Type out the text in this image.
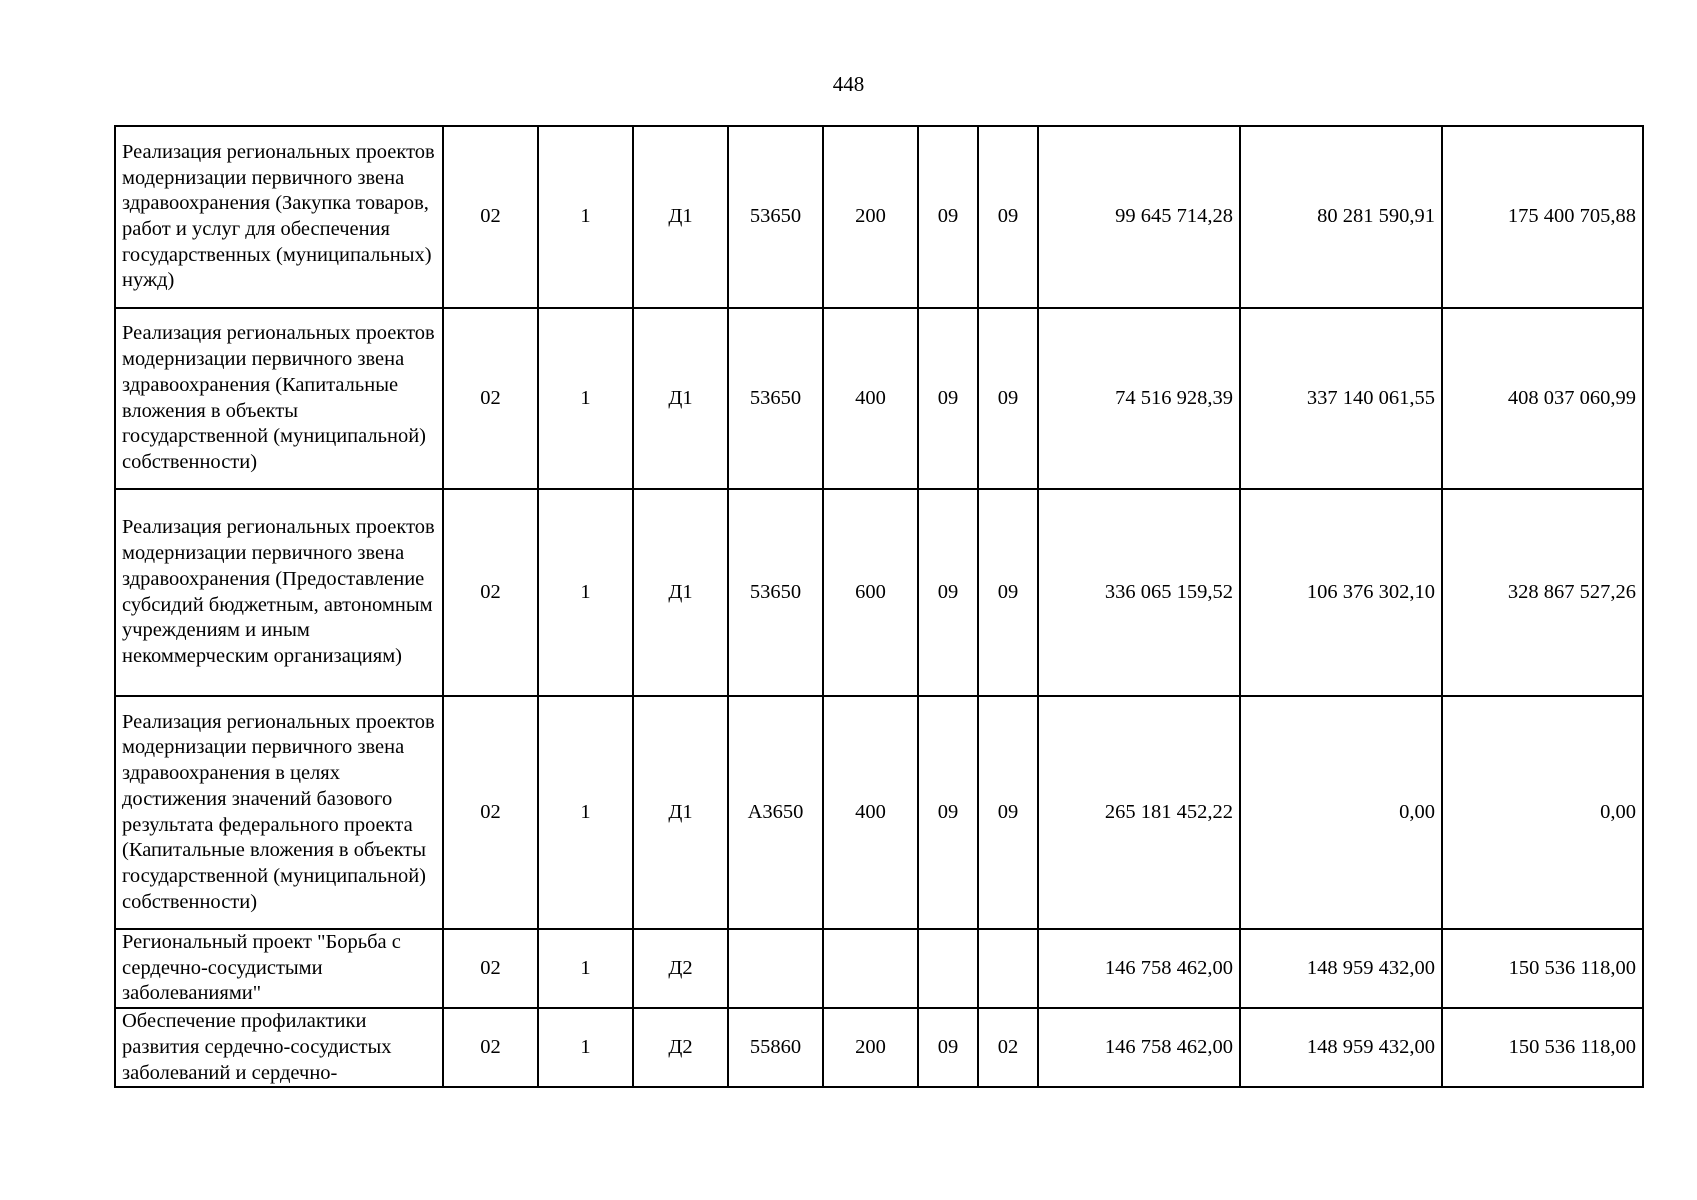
448
Реализация региональных проектов модернизации первичного звена здравоохранения (Закупка товаров, работ и услуг для обеспечения государственных (муниципальных) нужд)	02	1	Д1	53650	200	09	09	99 645 714,28	80 281 590,91	175 400 705,88
Реализация региональных проектов модернизации первичного звена здравоохранения (Капитальные вложения в объекты государственной (муниципальной) собственности)	02	1	Д1	53650	400	09	09	74 516 928,39	337 140 061,55	408 037 060,99
Реализация региональных проектов модернизации первичного звена здравоохранения (Предоставление субсидий бюджетным, автономным учреждениям и иным некоммерческим организациям)	02	1	Д1	53650	600	09	09	336 065 159,52	106 376 302,10	328 867 527,26
Реализация региональных проектов модернизации первичного звена здравоохранения в целях достижения значений базового результата федерального проекта (Капитальные вложения в объекты государственной (муниципальной) собственности)	02	1	Д1	А3650	400	09	09	265 181 452,22	0,00	0,00
Региональный проект "Борьба с сердечно-сосудистыми заболеваниями"	02	1	Д2					146 758 462,00	148 959 432,00	150 536 118,00
Обеспечение профилактики развития сердечно-сосудистых заболеваний и сердечно-	02	1	Д2	55860	200	09	02	146 758 462,00	148 959 432,00	150 536 118,00
